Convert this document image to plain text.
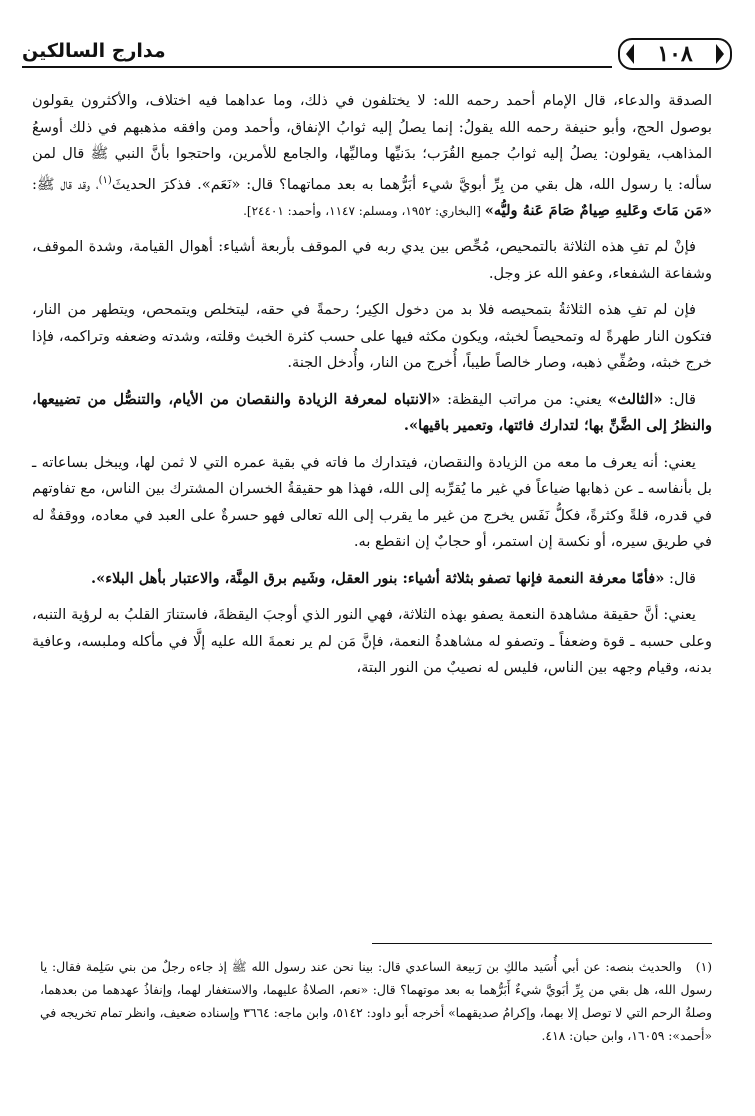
١٠٨
مدارج السالكين

الصدقة والدعاء، قال الإمام أحمد رحمه الله: لا يختلفون في ذلك، وما عداهما فيه اختلاف، والأكثرون يقولون بوصول الحج، وأبو حنيفة رحمه الله يقولُ: إنما يصلُ إليه ثوابُ الإنفاق، وأحمد ومن وافقه مذهبهم في ذلك أوسعُ المذاهب، يقولون: يصلُ إليه ثوابُ جميع القُرَب؛ بدَنيِّها وماليِّها، والجامع للأمرين، واحتجوا بأنَّ النبي ﷺ قال لمن سأله: يا رسول الله، هل بقي من بِرِّ أبويَّ شيء أبَرُّهما به بعد مماتهما؟ قال: «نَعَم». فذكرَ الحديثَ$^{(١)}$، وقد قال ﷺ: «مَن مَاتَ وعَليهِ صِيامٌ صَامَ عَنهُ وليُّه» [البخاري: ١٩٥٢، ومسلم: ١١٤٧، وأحمد: ٢٤٤٠١].

فإنْ لم تفِ هذه الثلاثة بالتمحيص، مُحِّص بين يدي ربه في الموقف بأربعة أشياء: أهوال القيامة، وشدة الموقف، وشفاعة الشفعاء، وعفو الله عز وجل.

فإن لم تفِ هذه الثلاثةُ بتمحيصه فلا بد من دخول الكِير؛ رحمةً في حقه، ليتخلص ويتمحص، ويتطهر من النار، فتكون النار طهرةً له وتمحيصاً لخبثه، ويكون مكثه فيها على حسب كثرة الخبث وقلته، وشدته وضعفه وتراكمه، فإذا خرج خبثه، وصُفِّي ذهبه، وصار خالصاً طيباً، أُخرج من النار، وأُدخل الجنة.

قال: «الثالث» يعني: من مراتب اليقظة: «الانتباه لمعرفة الزيادة والنقصان من الأيام، والتنصُّل من تضييعها، والنظرُ إلى الضَّنِّ بها؛ لتدارك فائتها، وتعمير باقيها».

يعني: أنه يعرف ما معه من الزيادة والنقصان، فيتدارك ما فاته في بقية عمره التي لا ثمن لها، ويبخل بساعاته ـ بل بأنفاسه ـ عن ذهابها ضياعاً في غير ما يُقرِّبه إلى الله، فهذا هو حقيقةُ الخسران المشترك بين الناس، مع تفاوتهم في قدره، قلةً وكثرةً، فكلُّ نَفَس يخرج من غير ما يقرب إلى الله تعالى فهو حسرةٌ على العبد في معاده، ووقفةٌ له في طريق سيره، أو نكسة إن استمر، أو حجابٌ إن انقطع به.

قال: «فأمّا معرفة النعمة فإنها تصفو بثلاثة أشياء: بنور العقل، وشَيم برق المِنَّة، والاعتبار بأهل البلاء».

يعني: أنَّ حقيقة مشاهدة النعمة يصفو بهذه الثلاثة، فهي النور الذي أوجبَ اليقظةَ، فاستنارَ القلبُ به لرؤية التنبه، وعلى حسبه ـ قوة وضعفاً ـ وتصفو له مشاهدةُ النعمة، فإنَّ مَن لم ير نعمةَ الله عليه إلَّا في مأكله وملبسه، وعافية بدنه، وقيام وجهه بين الناس، فليس له نصيبٌ من النور البتة،

(١)والحديث بنصه: عن أبي أُسَيد مالكِ بن رَبيعة الساعدي قال: بينا نحن عند رسول الله ﷺ إذ جاءه رجلٌ من بني سَلِمة فقال: يا رسول الله، هل بقي من بِرِّ أبَويَّ شيءٌ أَبَرُّهما به بعد موتهما؟ قال: «نعم، الصلاةُ عليهما، والاستغفار لهما، وإنفاذُ عهدهما من بعدهما، وصلةُ الرحم التي لا توصل إلا بهما، وإكرامُ صديقهما» أخرجه أبو داود: ٥١٤٢، وابن ماجه: ٣٦٦٤ وإسناده ضعيف، وانظر تمام تخريجه في «أحمد»: ١٦٠٥٩، وابن حبان: ٤١٨.
